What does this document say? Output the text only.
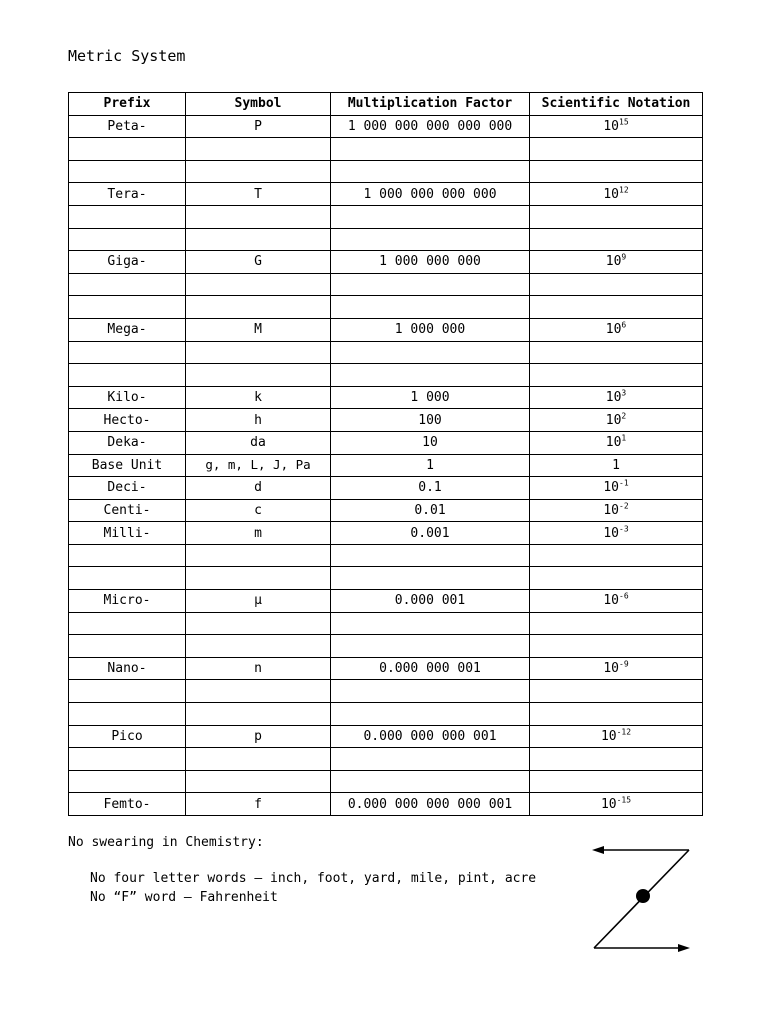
Metric System
Prefix	Symbol	Multiplication Factor	Scientific Notation
Peta-	P	1 000 000 000 000 000	$10^{15}$

Tera-	T	1 000 000 000 000	$10^{12}$

Giga-	G	1 000 000 000	$10^9$

Mega-	M	1 000 000	$10^6$

Kilo-	k	1 000	$10^3$
Hecto-	h	100	$10^2$
Deka-	da	10	$10^1$
Base Unit	g, m, L, J, Pa	1	1
Deci-	d	0.1	$10^{-1}$
Centi-	c	0.01	$10^{-2}$
Milli-	m	0.001	$10^{-3}$

Micro-	μ	0.000 001	$10^{-6}$

Nano-	n	0.000 000 001	$10^{-9}$

Pico	p	0.000 000 000 001	$10^{-12}$

Femto-	f	0.000 000 000 000 001	$10^{-15}$
No swearing in Chemistry:
No four letter words – inch, foot, yard, mile, pint, acre
No “F” word – Fahrenheit
